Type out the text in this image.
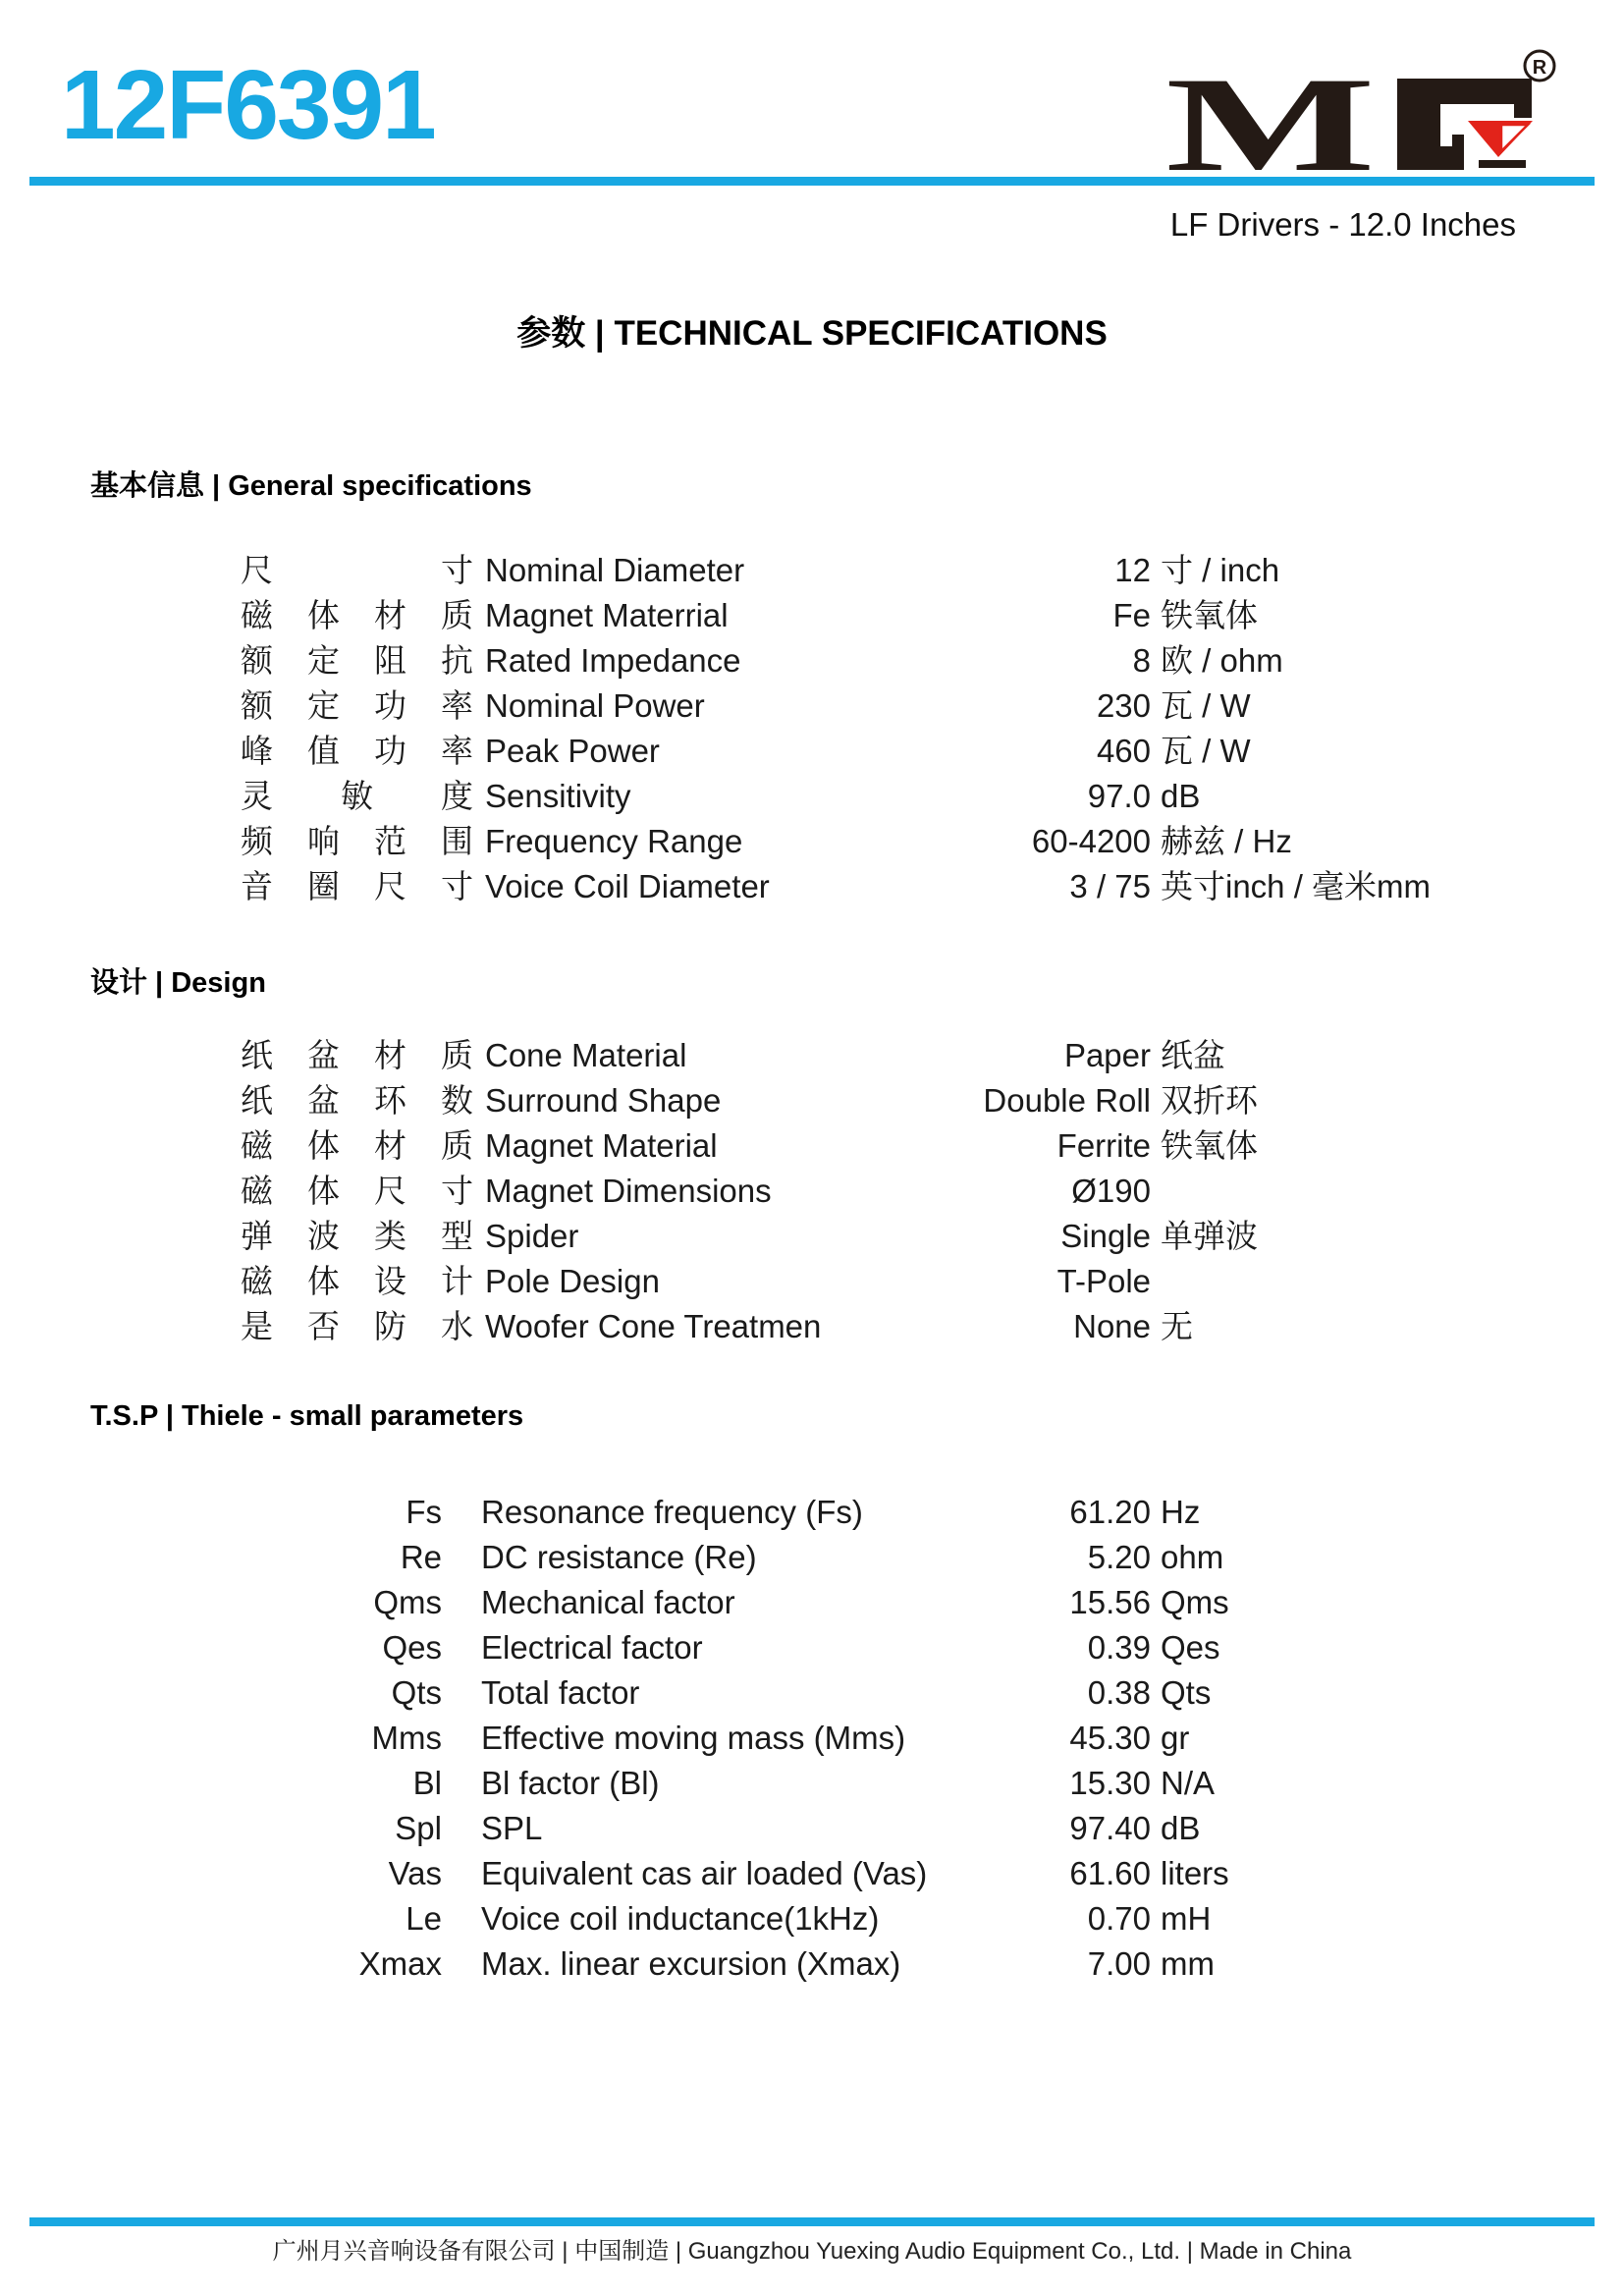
12F6391	M	R
LF Drivers - 12.0 Inches
参数 | TECHNICAL SPECIFICATIONS
基本信息 | General specifications
尺 寸 Nominal Diameter	12 寸 / inch
磁 体 材 质 Magnet Materrial	Fe 铁氧体
额 定 阻 抗 Rated Impedance	8 欧 / ohm
额 定 功 率 Nominal Power	230 瓦 / W
峰 值 功 率 Peak Power	460 瓦 / W
灵 敏 度 Sensitivity	97.0 dB
频 响 范 围 Frequency Range	60-4200 赫兹 / Hz
音 圈 尺 寸 Voice Coil Diameter	3 / 75 英寸inch / 毫米mm
设计 | Design
纸 盆 材 质 Cone Material	Paper 纸盆
纸 盆 环 数 Surround Shape	Double Roll 双折环
磁 体 材 质 Magnet Material	Ferrite 铁氧体
磁 体 尺 寸 Magnet Dimensions	Ø190
弹 波 类 型 Spider	Single 单弹波
磁 体 设 计 Pole Design	T-Pole
是 否 防 水 Woofer Cone Treatmen	None 无
T.S.P | Thiele - small parameters
Fs Resonance frequency (Fs)	61.20 Hz
Re DC resistance (Re)	5.20 ohm
Qms Mechanical factor	15.56 Qms
Qes Electrical factor	0.39 Qes
Qts Total factor	0.38 Qts
Mms Effective moving mass (Mms)	45.30 gr
Bl Bl factor (Bl)	15.30 N/A
Spl SPL	97.40 dB
Vas Equivalent cas air loaded (Vas)	61.60 liters
Le Voice coil inductance(1kHz)	0.70 mH
Xmax Max. linear excursion (Xmax)	7.00 mm
广州月兴音响设备有限公司 | 中国制造 | Guangzhou Yuexing Audio Equipment Co., Ltd. | Made in China
